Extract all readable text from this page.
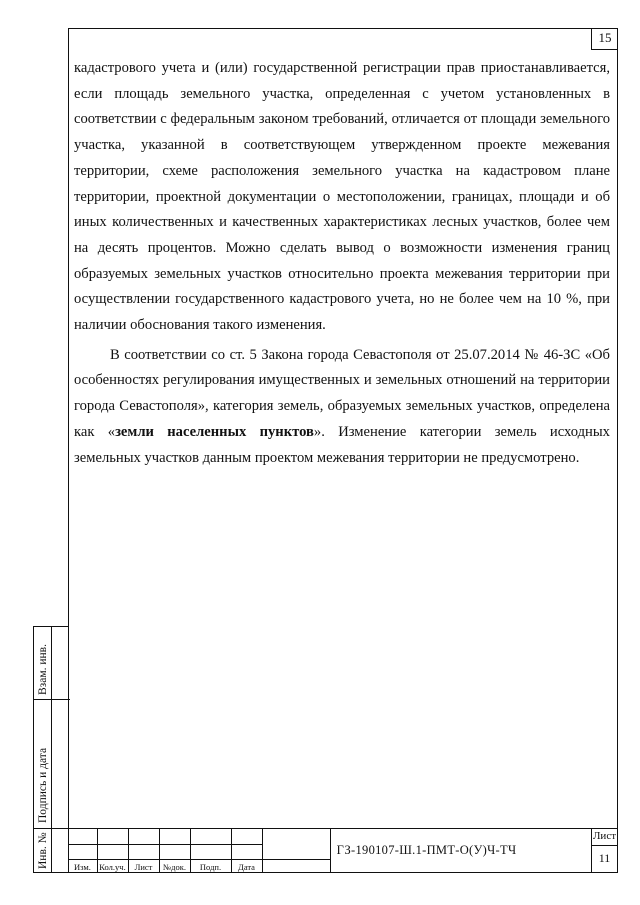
15

кадастрового учета и (или) государственной регистрации прав приостанавливается, если площадь земельного участка, определенная с учетом установленных в соответствии с федеральным законом требований, отличается от площади земельного участка, указанной в соответствующем утвержденном проекте межевания территории, схеме расположения земельного участка на кадастровом плане территории, проектной документации о местоположении, границах, площади и об иных количественных и качественных характеристиках лесных участков, более чем на десять процентов. Можно сделать вывод о возможности изменения границ образуемых земельных участков относительно проекта межевания территории при осуществлении государственного кадастрового учета, но не более чем на 10 %, при наличии обоснования такого изменения.

В соответствии со ст. 5 Закона города Севастополя от 25.07.2014 № 46-ЗС «Об особенностях регулирования имущественных и земельных отношений на территории города Севастополя», категория земель, образуемых земельных участков, определена как «земли населенных пунктов». Изменение категории земель исходных земельных участков данным проектом межевания территории не предусмотрено.

Взам. инв.
Подпись и дата
Инв. №	Изм. Кол.уч.	Лист	№док.	Подп.	Дата
ГЗ-190107-Ш.1-ПМТ-О(У)Ч-ТЧ
Лист
11
